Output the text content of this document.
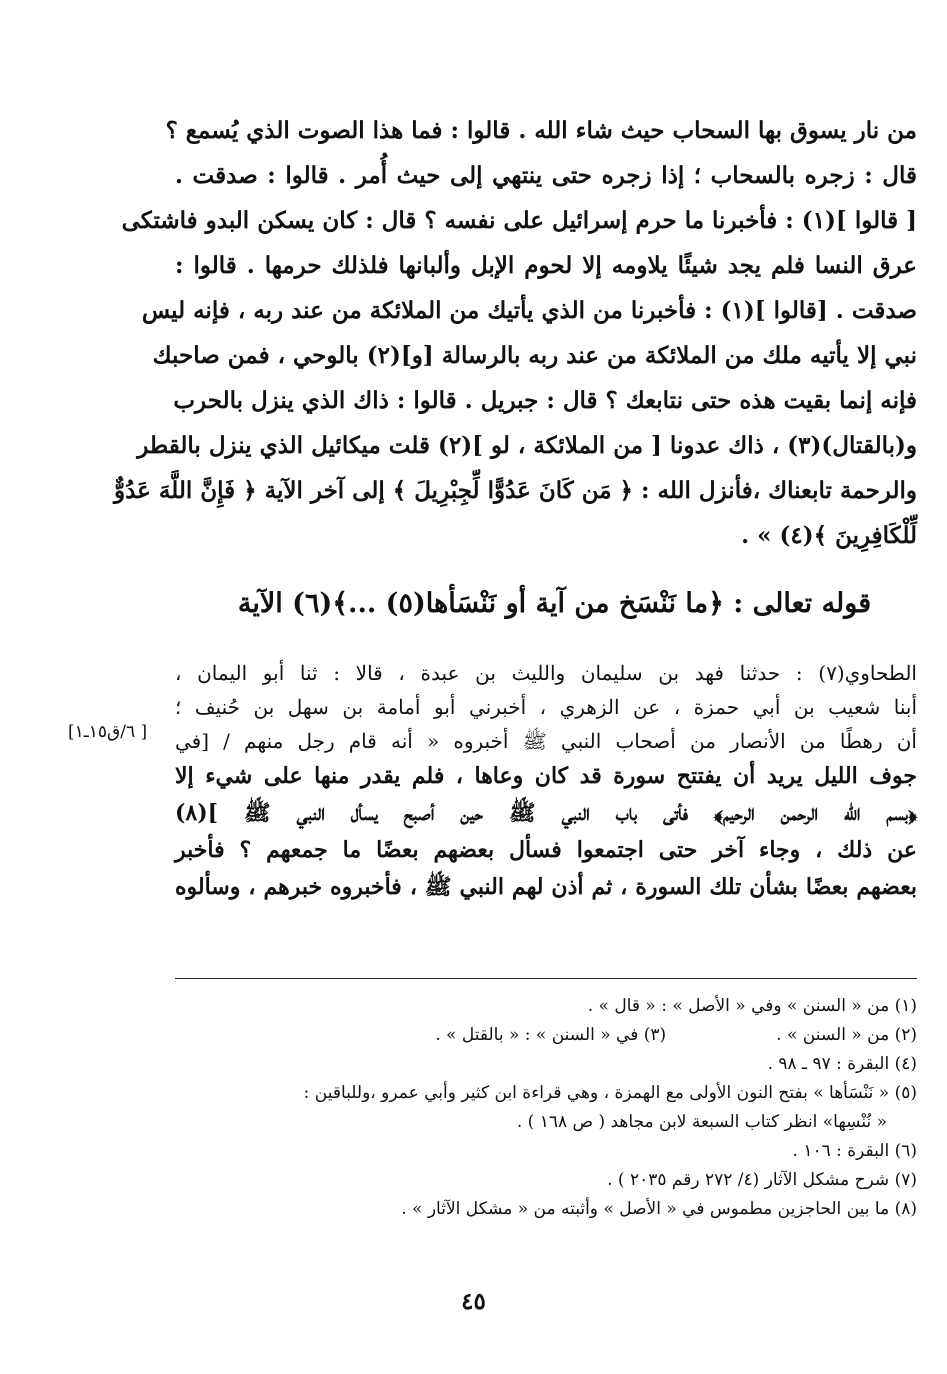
من نار يسوق بها السحاب حيث شاء الله . قالوا : فما هذا الصوت الذي يُسمع ؟
قال : زجره بالسحاب ؛ إذا زجره حتى ينتهي إلى حيث أُمر . قالوا : صدقت .
[ قالوا ](١) : فأخبرنا ما حرم إسرائيل على نفسه ؟ قال : كان يسكن البدو فاشتكى
عرق النسا فلم يجد شيئًا يلاومه إلا لحوم الإبل وألبانها فلذلك حرمها . قالوا :
صدقت . [قالوا ](١) : فأخبرنا من الذي يأتيك من الملائكة من عند ربه ، فإنه ليس
نبي إلا يأتيه ملك من الملائكة من عند ربه بالرسالة [و](٢) بالوحي ، فمن صاحبك
فإنه إنما بقيت هذه حتى نتابعك ؟ قال : جبريل . قالوا : ذاك الذي ينزل بالحرب
و(بالقتال)(٣) ، ذاك عدونا [ من الملائكة ، لو ](٢) قلت ميكائيل الذي ينزل بالقطر
والرحمة تابعناك ،فأنزل الله : ﴿ مَن كَانَ عَدُوًّا لِّجِبْرِيلَ ﴾ إلى آخر الآية ﴿ فَإِنَّ اللَّهَ عَدُوٌّ
لِّلْكَافِرِينَ ﴾(٤) » .
قوله تعالى : ﴿ما نَنْسَخ من آية أو نَنْسَأها(٥) ...﴾(٦) الآية
الطحاوي(٧) : حدثنا فهد بن سليمان والليث بن عبدة ، قالا : ثنا أبو اليمان ،
أبنا شعيب بن أبي حمزة ، عن الزهري ، أخبرني أبو أمامة بن سهل بن حُنيف ؛
أن رهطًا من الأنصار من أصحاب النبي ﷺ أخبروه « أنه قام رجل منهم / [في
جوف الليل يريد أن يفتتح سورة قد كان وعاها ، فلم يقدر منها على شيء إلا
﴿بسم الله الرحمن الرحيم﴾ فأتى باب النبي ﷺ حين أصبح يسأل النبي ﷺ ](٨)
عن ذلك ، وجاء آخر حتى اجتمعوا فسأل بعضهم بعضًا ما جمعهم ؟ فأخبر
بعضهم بعضًا بشأن تلك السورة ، ثم أذن لهم النبي ﷺ ، فأخبروه خبرهم ، وسألوه
[ ٦/ق١٥ـ١]
(١) من « السنن » وفي « الأصل » : « قال » .
(٢) من « السنن » .
(٣) في « السنن » : « بالقتل » .
(٤) البقرة : ٩٧ ـ ٩٨ .
(٥) « نَنْسَأها » بفتح النون الأولى مع الهمزة ، وهي قراءة ابن كثير وأبي عمرو ،وللباقين :
« نُنْسِها» انظر كتاب السبعة لابن مجاهد ( ص ١٦٨ ) .
(٦) البقرة : ١٠٦ .
(٧) شرح مشكل الآثار (٤/ ٢٧٢ رقم ٢٠٣٥ ) .
(٨) ما بين الحاجزين مطموس في « الأصل » وأثبته من « مشكل الآثار » .
٤٥
